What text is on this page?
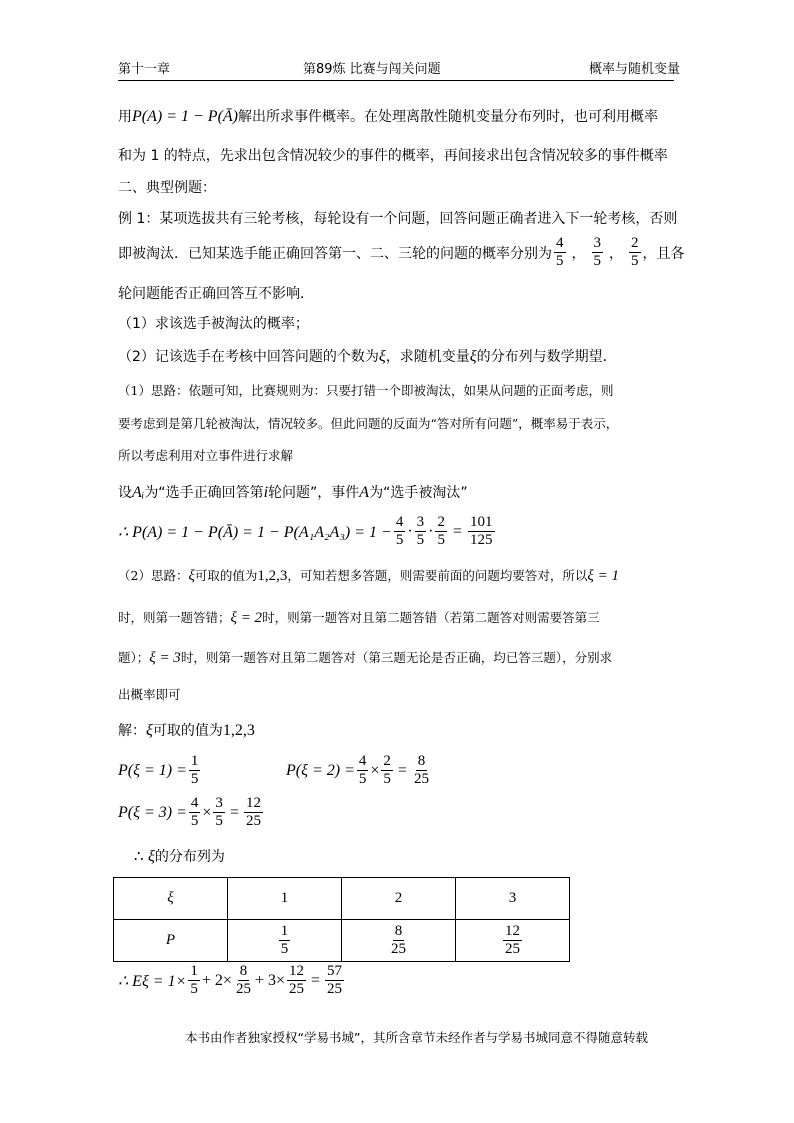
第十一章	第89炼 比赛与闯关问题	概率与随机变量
用P(A) = 1 − P(Ā)解出所求事件概率。在处理离散性随机变量分布列时，也可利用概率
和为 1 的特点，先求出包含情况较少的事件的概率，再间接求出包含情况较多的事件概率
二、典型例题：
例 1：某项选拔共有三轮考核，每轮设有一个问题，回答问题正确者进入下一轮考核，否则
即被淘汰．已知某选手能正确回答第一、二、三轮的问题的概率分别为 $\frac{4}{5}$ ， $\frac{3}{5}$ ， $\frac{2}{5}$ ，且各
轮问题能否正确回答互不影响．
（1）求该选手被淘汰的概率；
（2）记该选手在考核中回答问题的个数为ξ，求随机变量ξ的分布列与数学期望．
（1）思路：依题可知，比赛规则为：只要打错一个即被淘汰，如果从问题的正面考虑，则
要考虑到是第几轮被淘汰，情况较多。但此问题的反面为“答对所有问题”，概率易于表示，
所以考虑利用对立事件进行求解
设Aᵢ为“选手正确回答第i轮问题”，事件A为“选手被淘汰”
∴ P(A) = 1 − P(Ā) = $1 - P(A_1A_2A_3) = 1 - \frac{4}{5} \cdot \frac{3}{5} \cdot \frac{2}{5} = \frac{101}{125}$
（2）思路：ξ可取的值为1,2,3，可知若想多答题，则需要前面的问题均要答对，所以ξ = 1
时，则第一题答错；ξ = 2时，则第一题答对且第二题答错（若第二题答对则需要答第三
题）；ξ = 3时，则第一题答对且第二题答对（第三题无论是否正确，均已答三题），分别求
出概率即可
解：ξ可取的值为1,2,3
$P(\xi = 1) = \frac{1}{5}$	$P(\xi = 2) = \frac{4}{5} \times \frac{2}{5} = \frac{8}{25}$
$P(\xi = 3) = \frac{4}{5} \times \frac{3}{5} = \frac{12}{25}$
∴ ξ的分布列为
ξ	1	2	3
P	$\frac{1}{5}$	$\frac{8}{25}$	$\frac{12}{25}$
∴ $E\xi = 1\times \frac{1}{5} + 2\times \frac{8}{25} + 3\times \frac{12}{25} = \frac{57}{25}$
本书由作者独家授权“学易书城”，其所含章节未经作者与学易书城同意不得随意转载
